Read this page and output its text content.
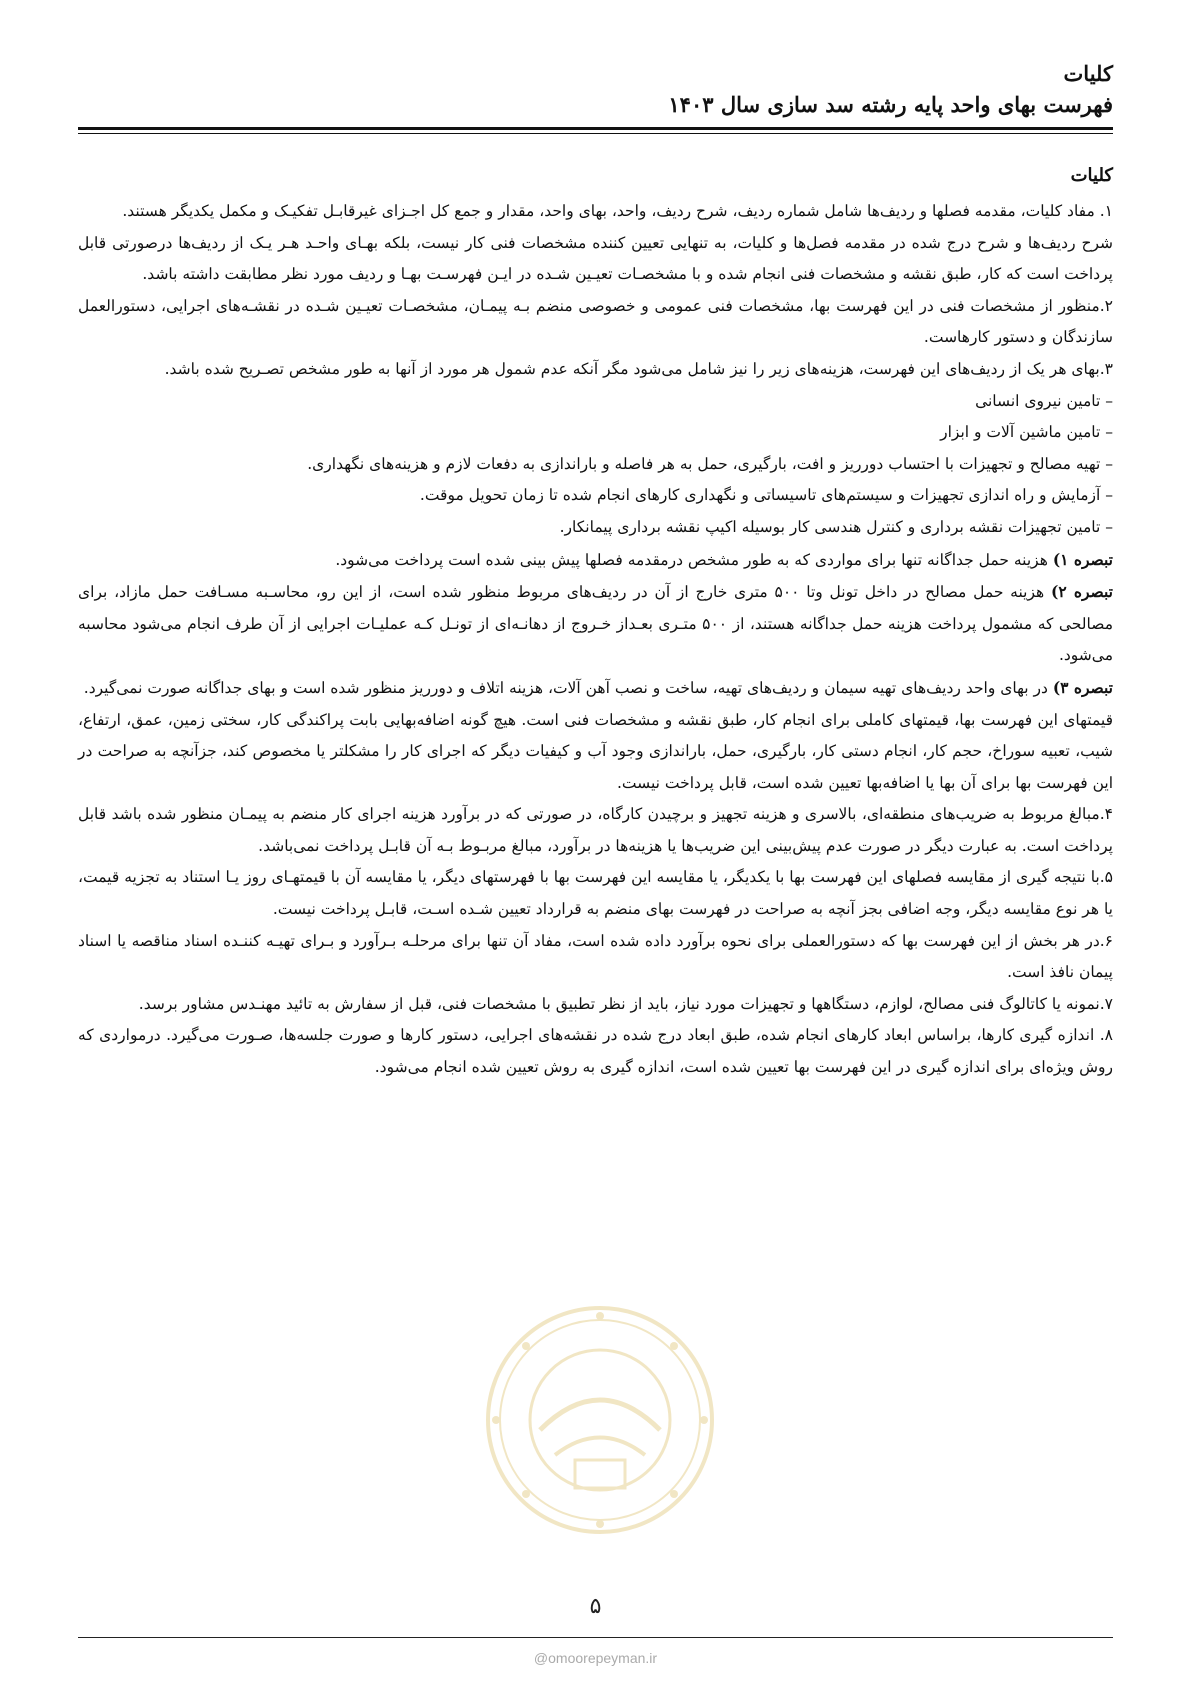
کلیات
فهرست بهای واحد پایه رشته سد سازی سال ۱۴۰۳
کلیات

۱. مفاد کلیات، مقدمه فصلها و ردیف‌ها شامل شماره ردیف، شرح ردیف، واحد، بهای واحد، مقدار و جمع کل اجـزای غیرقابـل تفکیـک و مکمل یکدیگر هستند.

شرح ردیف‌ها و شرح درج شده در مقدمه فصل‌ها و کلیات، به تنهایی تعیین کننده مشخصات فنی کار نیست، بلکه بهـای واحـد هـر یـک از ردیف‌ها درصورتی قابل پرداخت است که کار، طبق نقشه و مشخصات فنی انجام شده و با مشخصـات تعیـین شـده در ایـن فهرسـت بهـا و ردیف مورد نظر مطابقت داشته باشد.

۲.منظور از مشخصات فنی در این فهرست بها، مشخصات فنی عمومی و خصوصی منضم بـه پیمـان، مشخصـات تعیـین شـده در نقشـه‌های اجرایی، دستورالعمل سازندگان و دستور کارهاست.

۳.بهای هر یک از ردیف‌های این فهرست، هزینه‌های زیر را نیز شامل می‌شود مگر آنکه عدم شمول هر مورد از آنها به طور مشخص تصـریح شده باشد.

– تامین نیروی انسانی

– تامین ماشین آلات و ابزار

– تهیه مصالح و تجهیزات با احتساب دورریز و افت، بارگیری، حمل به هر فاصله و باراندازی به دفعات لازم و هزینه‌های نگهداری.

– آزمایش و راه اندازی تجهیزات و سیستم‌های تاسیساتی و نگهداری کارهای انجام شده تا زمان تحویل موقت.

– تامین تجهیزات نقشه برداری و کنترل هندسی کار بوسیله اکیپ نقشه برداری پیمانکار.

تبصره ۱) هزینه حمل جداگانه تنها برای مواردی که به طور مشخص درمقدمه فصلها پیش بینی شده است پرداخت می‌شود.

تبصره ۲) هزینه حمل مصالح در داخل تونل وتا ۵۰۰ متری خارج از آن در ردیف‌های مربوط منظور شده است، از این رو، محاسـبه مسـافت حمل مازاد، برای مصالحی که مشمول پرداخت هزینه حمل جداگانه هستند، از ۵۰۰ متـری بعـداز خـروج از دهانـه‌ای از تونـل کـه عملیـات اجرایی از آن طرف انجام می‌شود محاسبه می‌شود.

تبصره ۳) در بهای واحد ردیف‌های تهیه سیمان و ردیف‌های تهیه، ساخت و نصب آهن آلات، هزینه اتلاف و دورریز منظور شده است و بهای جداگانه صورت نمی‌گیرد.

قیمتهای این فهرست بها، قیمتهای کاملی برای انجام کار، طبق نقشه و مشخصات فنی است. هیچ گونه اضافه‌بهایی بابت پراکندگی کار، سختی زمین، عمق، ارتفاع، شیب، تعبیه سوراخ، حجم کار، انجام دستی کار، بارگیری، حمل، باراندازی وجود آب و کیفیات دیگر که اجرای کار را مشکلتر یا مخصوص کند، جزآنچه به صراحت در این فهرست بها برای آن بها یا اضافه‌بها تعیین شده است، قابل پرداخت نیست.

۴.مبالغ مربوط به ضریب‌های منطقه‌ای، بالاسری و هزینه تجهیز و برچیدن کارگاه، در صورتی که در برآورد هزینه اجرای کار منضم به پیمـان منظور شده باشد قابل پرداخت است. به عبارت دیگر در صورت عدم پیش‌بینی این ضریب‌ها یا هزینه‌ها در برآورد، مبالغ مربـوط بـه آن قابـل پرداخت نمی‌باشد.

۵.با نتیجه گیری از مقایسه فصلهای این فهرست بها با یکدیگر، یا مقایسه این فهرست بها با فهرستهای دیگر، یا مقایسه آن با قیمتهـای روز یـا استناد به تجزیه قیمت، یا هر نوع مقایسه دیگر، وجه اضافی بجز آنچه به صراحت در فهرست بهای منضم به قرارداد تعیین شـده اسـت، قابـل پرداخت نیست.

۶.در هر بخش از این فهرست بها که دستورالعملی برای نحوه برآورد داده شده است، مفاد آن تنها برای مرحلـه بـرآورد و بـرای تهیـه کننـده اسناد مناقصه یا اسناد پیمان نافذ است.

۷.نمونه یا کاتالوگ فنی مصالح، لوازم، دستگاهها و تجهیزات مورد نیاز، باید از نظر تطبیق با مشخصات فنی، قبل از سفارش به تائید مهنـدس مشاور برسد.

۸. اندازه گیری کارها، براساس ابعاد کارهای انجام شده، طبق ابعاد درج شده در نقشه‌های اجرایی، دستور کارها و صورت جلسه‌ها، صـورت می‌گیرد. درمواردی که روش ویژه‌ای برای اندازه گیری در این فهرست بها تعیین شده است، اندازه گیری به روش تعیین شده انجام می‌شود.

۵
@omoorepeyman.ir
